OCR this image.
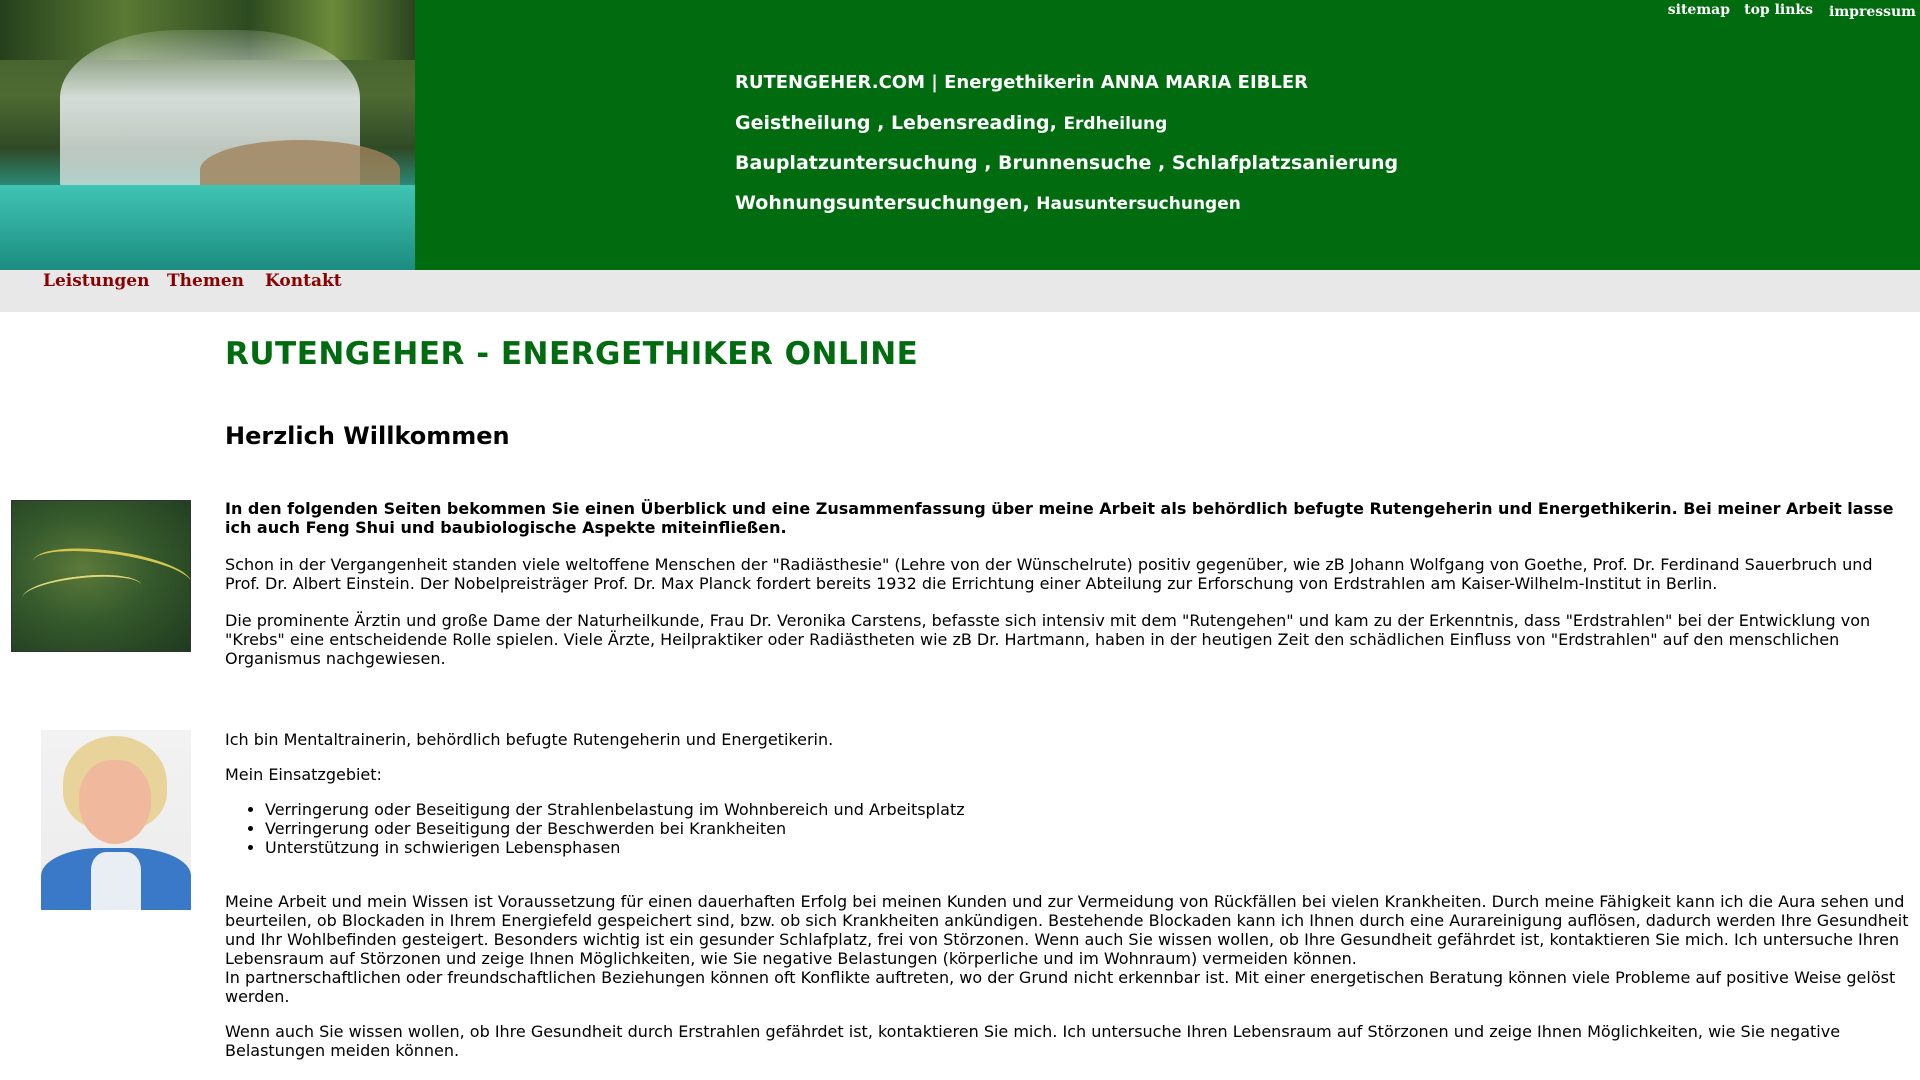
sitemap top links impressum
RUTENGEHER.COM | Energethikerin ANNA MARIA EIBLER
Geistheilung , Lebensreading, Erdheilung
Bauplatzuntersuchung , Brunnensuche , Schlafplatzsanierung
Wohnungsuntersuchungen, Hausuntersuchungen
Leistungen Themen Kontakt
RUTENGEHER - ENERGETHIKER ONLINE
Herzlich Willkommen

In den folgenden Seiten bekommen Sie einen Überblick und eine Zusammenfassung über meine Arbeit als behördlich befugte Rutengeherin und Energethikerin. Bei meiner Arbeit lasse ich auch Feng Shui und baubiologische Aspekte miteinfließen.

Schon in der Vergangenheit standen viele weltoffene Menschen der "Radiästhesie" (Lehre von der Wünschelrute) positiv gegenüber, wie zB Johann Wolfgang von Goethe, Prof. Dr. Ferdinand Sauerbruch und Prof. Dr. Albert Einstein. Der Nobelpreisträger Prof. Dr. Max Planck fordert bereits 1932 die Errichtung einer Abteilung zur Erforschung von Erdstrahlen am Kaiser-Wilhelm-Institut in Berlin.

Die prominente Ärztin und große Dame der Naturheilkunde, Frau Dr. Veronika Carstens, befasste sich intensiv mit dem "Rutengehen" und kam zu der Erkenntnis, dass "Erdstrahlen" bei der Entwicklung von "Krebs" eine entscheidende Rolle spielen. Viele Ärzte, Heilpraktiker oder Radiästheten wie zB Dr. Hartmann, haben in der heutigen Zeit den schädlichen Einfluss von "Erdstrahlen" auf den menschlichen Organismus nachgewiesen.

Ich bin Mentaltrainerin, behördlich befugte Rutengeherin und Energetikerin.

Mein Einsatzgebiet:

• Verringerung oder Beseitigung der Strahlenbelastung im Wohnbereich und Arbeitsplatz
• Verringerung oder Beseitigung der Beschwerden bei Krankheiten
• Unterstützung in schwierigen Lebensphasen

Meine Arbeit und mein Wissen ist Voraussetzung für einen dauerhaften Erfolg bei meinen Kunden und zur Vermeidung von Rückfällen bei vielen Krankheiten. Durch meine Fähigkeit kann ich die Aura sehen und beurteilen, ob Blockaden in Ihrem Energiefeld gespeichert sind, bzw. ob sich Krankheiten ankündigen. Bestehende Blockaden kann ich Ihnen durch eine Aurareinigung auflösen, dadurch werden Ihre Gesundheit und Ihr Wohlbefinden gesteigert. Besonders wichtig ist ein gesunder Schlafplatz, frei von Störzonen. Wenn auch Sie wissen wollen, ob Ihre Gesundheit gefährdet ist, kontaktieren Sie mich. Ich untersuche Ihren Lebensraum auf Störzonen und zeige Ihnen Möglichkeiten, wie Sie negative Belastungen (körperliche und im Wohnraum) vermeiden können.

In partnerschaftlichen oder freundschaftlichen Beziehungen können oft Konflikte auftreten, wo der Grund nicht erkennbar ist. Mit einer energetischen Beratung können viele Probleme auf positive Weise gelöst werden.

Wenn auch Sie wissen wollen, ob Ihre Gesundheit durch Erstrahlen gefährdet ist, kontaktieren Sie mich. Ich untersuche Ihren Lebensraum auf Störzonen und zeige Ihnen Möglichkeiten, wie Sie negative Belastungen meiden können.
